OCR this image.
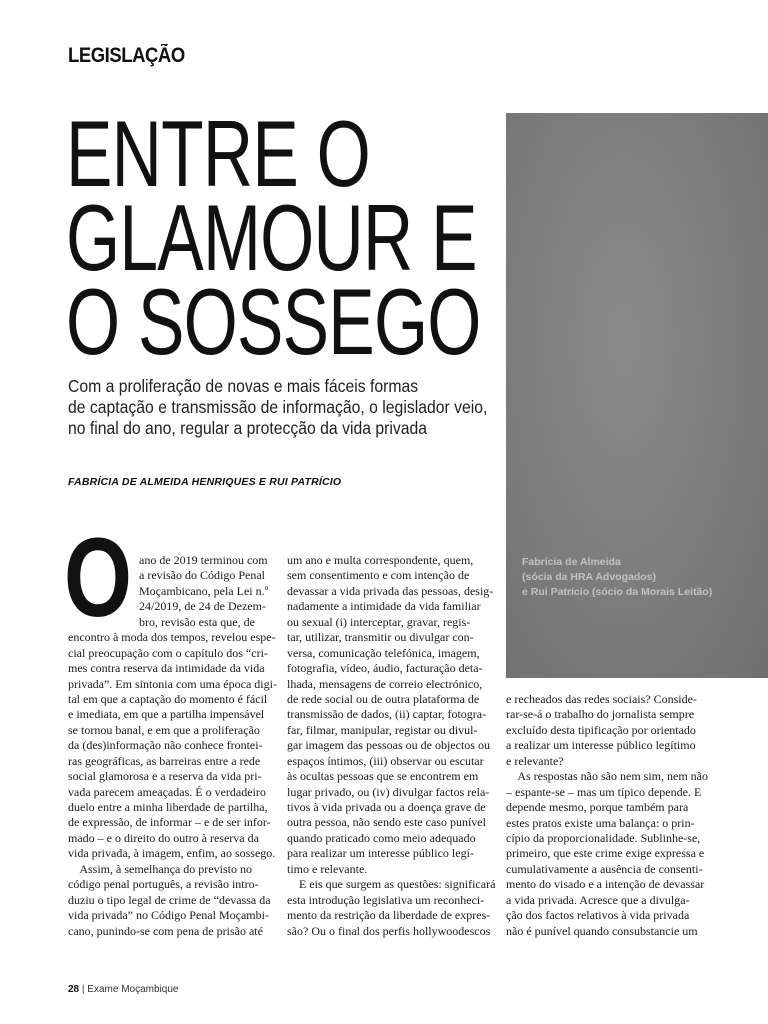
LEGISLAÇÃO
ENTRE O
GLAMOUR E
O SOSSEGO
Fabrícia de Almeida
(sócia da HRA Advogados)
e Rui Patrício (sócio da Morais Leitão)
Com a proliferação de novas e mais fáceis formas
de captação e transmissão de informação, o legislador veio,
no final do ano, regular a protecção da vida privada
FABRÍCIA DE ALMEIDA HENRIQUES E RUI PATRÍCIO
O ano de 2019 terminou com
a revisão do Código Penal
Moçambicano, pela Lei n.º
24/2019, de 24 de Dezem-
bro, revisão esta que, de
encontro à moda dos tempos, revelou espe-
cial preocupação com o capítulo dos “cri-
mes contra reserva da intimidade da vida
privada”. Em sintonia com uma época digi-
tal em que a captação do momento é fácil
e imediata, em que a partilha impensável
se tornou banal, e em que a proliferação
da (des)informação não conhece frontei-
ras geográficas, as barreiras entre a rede
social glamorosa e a reserva da vida pri-
vada parecem ameaçadas. É o verdadeiro
duelo entre a minha liberdade de partilha,
de expressão, de informar – e de ser infor-
mado – e o direito do outro à reserva da
vida privada, à imagem, enfim, ao sossego.
Assim, à semelhança do previsto no
código penal português, a revisão intro-
duziu o tipo legal de crime de “devassa da
vida privada” no Código Penal Moçambi-
cano, punindo-se com pena de prisão até
um ano e multa correspondente, quem,
sem consentimento e com intenção de
devassar a vida privada das pessoas, desig-
nadamente a intimidade da vida familiar
ou sexual (i) interceptar, gravar, regis-
tar, utilizar, transmitir ou divulgar con-
versa, comunicação telefónica, imagem,
fotografia, vídeo, áudio, facturação deta-
lhada, mensagens de correio electrónico,
de rede social ou de outra plataforma de
transmissão de dados, (ii) captar, fotogra-
far, filmar, manipular, registar ou divul-
gar imagem das pessoas ou de objectos ou
espaços íntimos, (iii) observar ou escutar
às ocultas pessoas que se encontrem em
lugar privado, ou (iv) divulgar factos rela-
tivos à vida privada ou a doença grave de
outra pessoa, não sendo este caso punível
quando praticado como meio adequado
para realizar um interesse público legí-
timo e relevante.
E eis que surgem as questões: significará
esta introdução legislativa um reconheci-
mento da restrição da liberdade de expres-
são? Ou o final dos perfis hollywoodescos
e recheados das redes sociais? Conside-
rar-se-á o trabalho do jornalista sempre
excluído desta tipificação por orientado
a realizar um interesse público legítimo
e relevante?
As respostas não são nem sim, nem não
– espante-se – mas um típico depende. E
depende mesmo, porque também para
estes pratos existe uma balança: o prin-
cípio da proporcionalidade. Sublinhe-se,
primeiro, que este crime exige expressa e
cumulativamente a ausência de consenti-
mento do visado e a intenção de devassar
a vida privada. Acresce que a divulga-
ção dos factos relativos à vida privada
não é punível quando consubstancie um
28 | Exame Moçambique
